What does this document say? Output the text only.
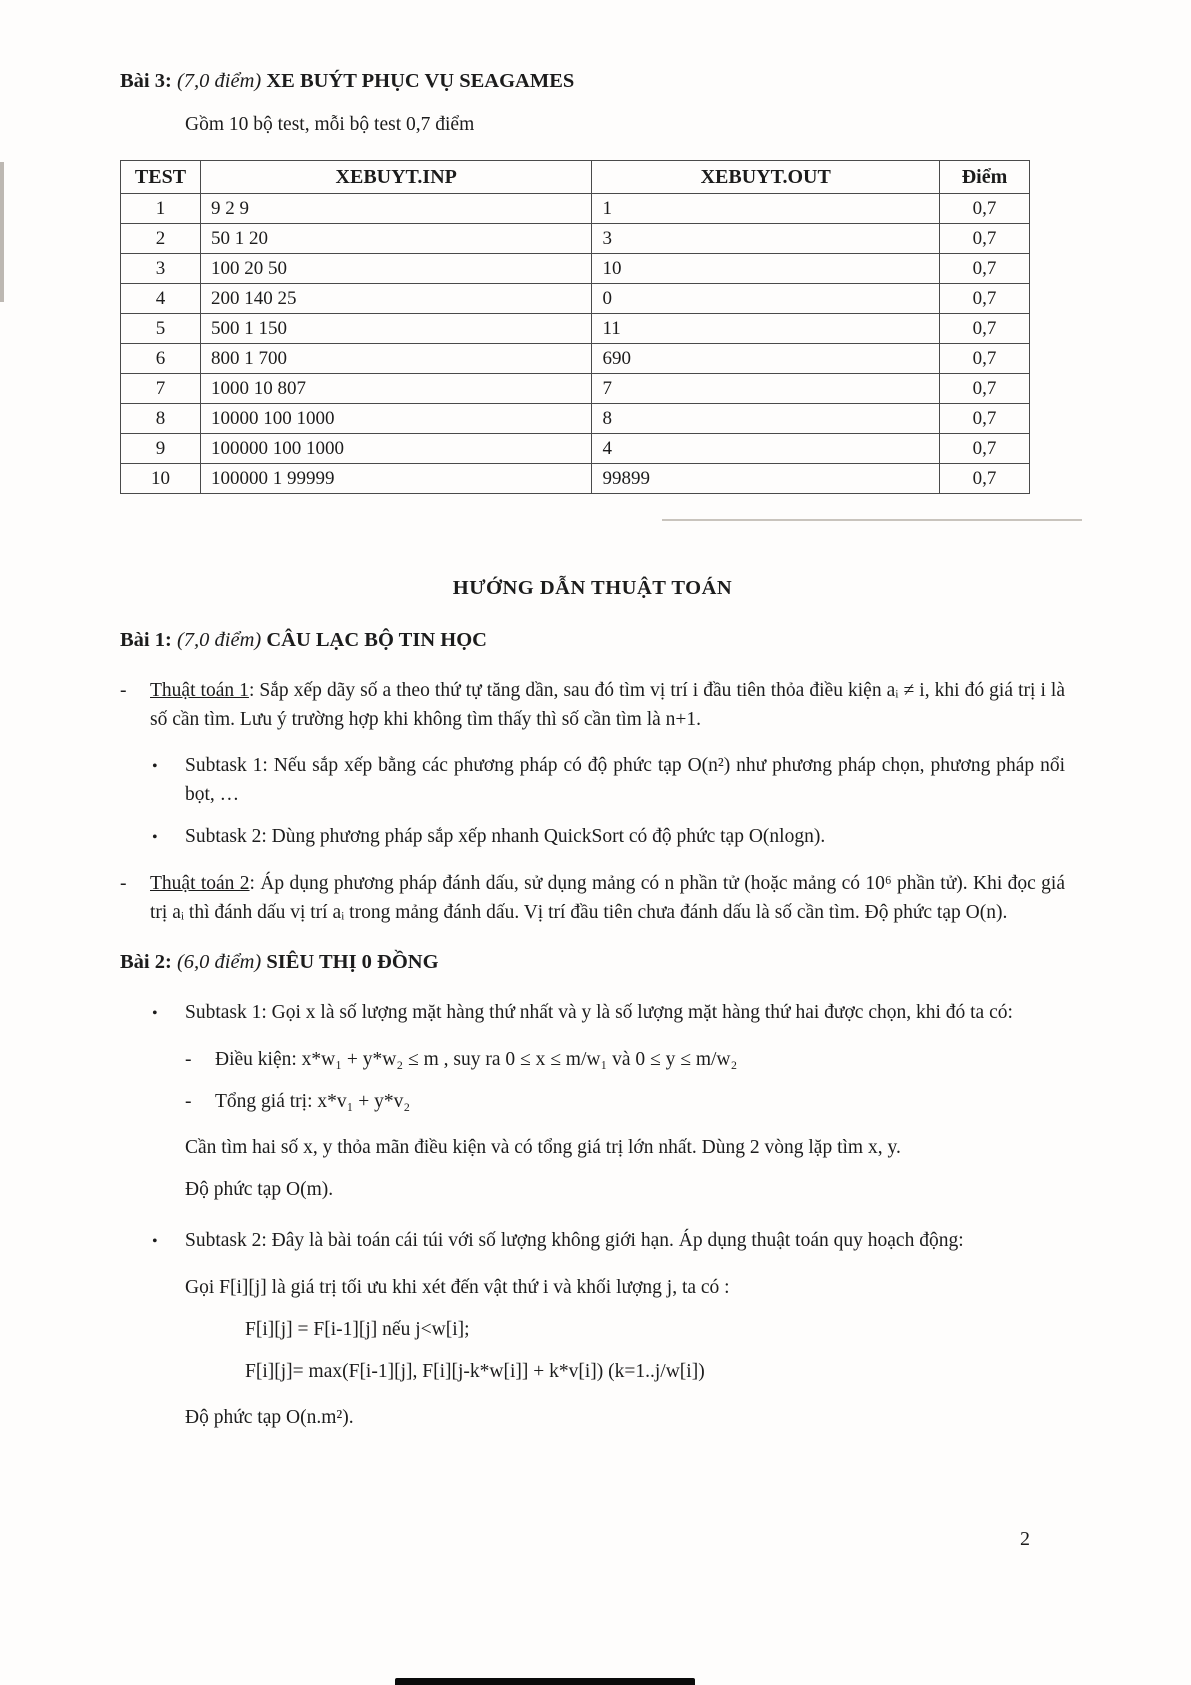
Bài 3: (7,0 điểm) XE BUÝT PHỤC VỤ SEAGAMES

Gồm 10 bộ test, mỗi bộ test 0,7 điểm

TEST	XEBUYT.INP	XEBUYT.OUT	Điểm
1	9 2 9	1	0,7
2	50 1 20	3	0,7
3	100 20 50	10	0,7
4	200 140 25	0	0,7
5	500 1 150	11	0,7
6	800 1 700	690	0,7
7	1000 10 807	7	0,7
8	10000 100 1000	8	0,7
9	100000 100 1000	4	0,7
10	100000 1 99999	99899	0,7

HƯỚNG DẪN THUẬT TOÁN

Bài 1: (7,0 điểm) CÂU LẠC BỘ TIN HỌC

-	Thuật toán 1: Sắp xếp dãy số a theo thứ tự tăng dần, sau đó tìm vị trí i đầu tiên thỏa điều kiện aᵢ ≠ i, khi đó giá trị i là số cần tìm. Lưu ý trường hợp khi không tìm thấy thì số cần tìm là n+1.
•	Subtask 1: Nếu sắp xếp bằng các phương pháp có độ phức tạp O(n²) như phương pháp chọn, phương pháp nổi bọt, …
•	Subtask 2: Dùng phương pháp sắp xếp nhanh QuickSort có độ phức tạp O(nlogn).
-	Thuật toán 2: Áp dụng phương pháp đánh dấu, sử dụng mảng có n phần tử (hoặc mảng có 10⁶ phần tử). Khi đọc giá trị aᵢ thì đánh dấu vị trí aᵢ trong mảng đánh dấu. Vị trí đầu tiên chưa đánh dấu là số cần tìm. Độ phức tạp O(n).

Bài 2: (6,0 điểm) SIÊU THỊ 0 ĐỒNG

•	Subtask 1: Gọi x là số lượng mặt hàng thứ nhất và y là số lượng mặt hàng thứ hai được chọn, khi đó ta có:
-	Điều kiện: x*w₁ + y*w₂ ≤ m , suy ra 0 ≤ x ≤ m/w₁ và 0 ≤ y ≤ m/w₂
-	Tổng giá trị: x*v₁ + y*v₂

Cần tìm hai số x, y thỏa mãn điều kiện và có tổng giá trị lớn nhất. Dùng 2 vòng lặp tìm x, y.

Độ phức tạp O(m).

•	Subtask 2: Đây là bài toán cái túi với số lượng không giới hạn. Áp dụng thuật toán quy hoạch động:

Gọi F[i][j] là giá trị tối ưu khi xét đến vật thứ i và khối lượng j, ta có :

F[i][j] = F[i-1][j] nếu j<w[i];

F[i][j]= max(F[i-1][j], F[i][j-k*w[i]] + k*v[i]) (k=1..j/w[i])

Độ phức tạp O(n.m²).

2
